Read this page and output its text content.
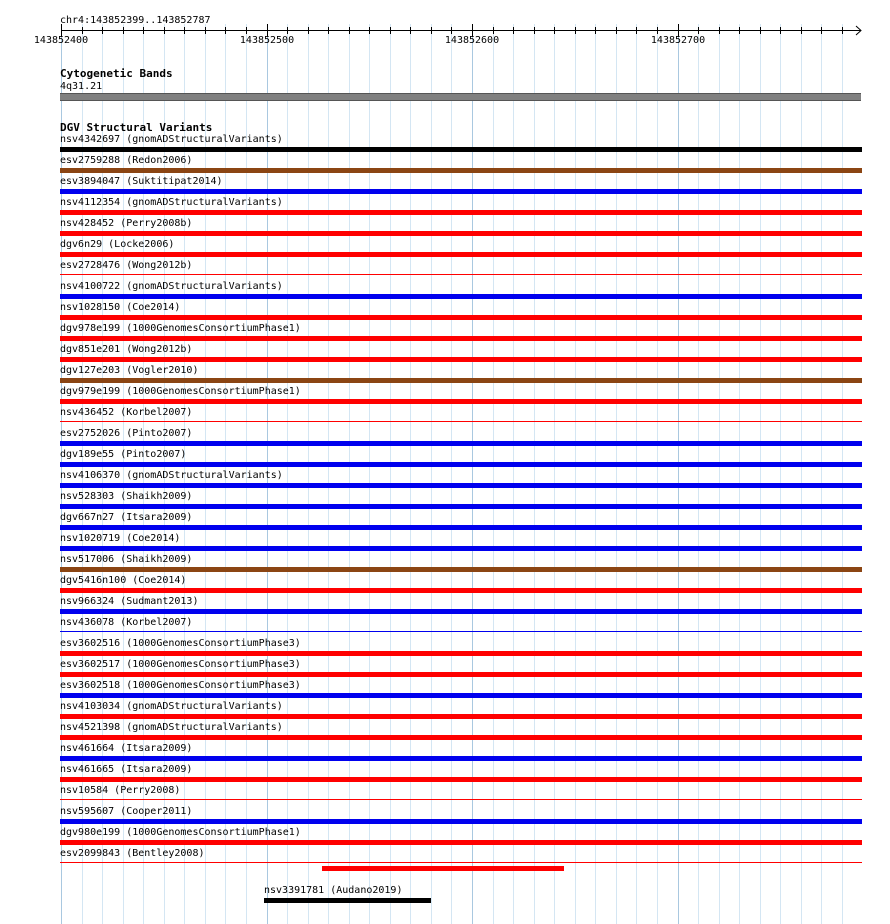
chr4:143852399..143852787
143852400	143852500	143852600	143852700
Cytogenetic Bands
4q31.21
DGV Structural Variants
nsv4342697 (gnomADStructuralVariants)
esv2759288 (Redon2006)
esv3894047 (Suktitipat2014)
nsv4112354 (gnomADStructuralVariants)
nsv428452 (Perry2008b)
dgv6n29 (Locke2006)
esv2728476 (Wong2012b)
nsv4100722 (gnomADStructuralVariants)
nsv1028150 (Coe2014)
dgv978e199 (1000GenomesConsortiumPhase1)
dgv851e201 (Wong2012b)
dgv127e203 (Vogler2010)
dgv979e199 (1000GenomesConsortiumPhase1)
nsv436452 (Korbel2007)
esv2752026 (Pinto2007)
dgv189e55 (Pinto2007)
nsv4106370 (gnomADStructuralVariants)
nsv528303 (Shaikh2009)
dgv667n27 (Itsara2009)
nsv1020719 (Coe2014)
nsv517006 (Shaikh2009)
dgv5416n100 (Coe2014)
nsv966324 (Sudmant2013)
nsv436078 (Korbel2007)
esv3602516 (1000GenomesConsortiumPhase3)
esv3602517 (1000GenomesConsortiumPhase3)
esv3602518 (1000GenomesConsortiumPhase3)
nsv4103034 (gnomADStructuralVariants)
nsv4521398 (gnomADStructuralVariants)
nsv461664 (Itsara2009)
nsv461665 (Itsara2009)
nsv10584 (Perry2008)
nsv595607 (Cooper2011)
dgv980e199 (1000GenomesConsortiumPhase1)
esv2099843 (Bentley2008)
nsv3391781 (Audano2019)
